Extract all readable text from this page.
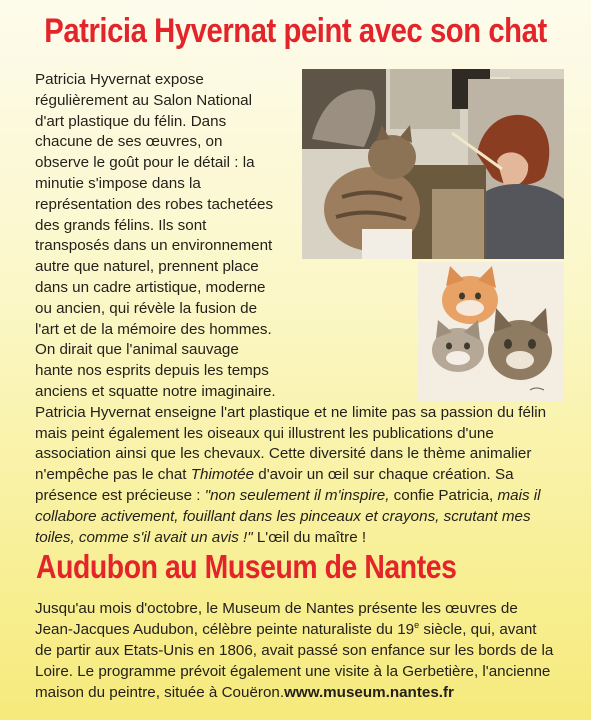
Patricia Hyvernat peint avec son chat

Patricia Hyvernat expose régulièrement au Salon National d'art plastique du félin. Dans chacune de ses œuvres, on observe le goût pour le détail : la minutie s'impose dans la représentation des robes tachetées des grands félins. Ils sont transposés dans un environnement autre que naturel, prennent place dans un cadre artistique, moderne ou ancien, qui révèle la fusion de l'art et de la mémoire des hommes. On dirait que l'animal sauvage hante nos esprits depuis les temps anciens et squatte notre imaginaire. Patricia Hyvernat enseigne l'art plastique et ne limite pas sa passion du félin mais peint également les oiseaux qui illustrent les publications d'une association ainsi que les chevaux. Cette diversité dans le thème animalier n'empêche pas le chat Thimotée d'avoir un œil sur chaque création. Sa présence est précieuse : "non seulement il m'inspire, confie Patricia, mais il collabore activement, fouillant dans les pinceaux et crayons, scrutant mes toiles, comme s'il avait un avis !" L'œil du maître !

Audubon au Museum de Nantes

Jusqu'au mois d'octobre, le Museum de Nantes présente les œuvres de Jean-Jacques Audubon, célèbre peinte naturaliste du 19e siècle, qui, avant de partir aux Etats-Unis en 1806, avait passé son enfance sur les bords de la Loire. Le programme prévoit également une visite à la Gerbetière, l'ancienne maison du peintre, située à Couëron.www.museum.nantes.fr
